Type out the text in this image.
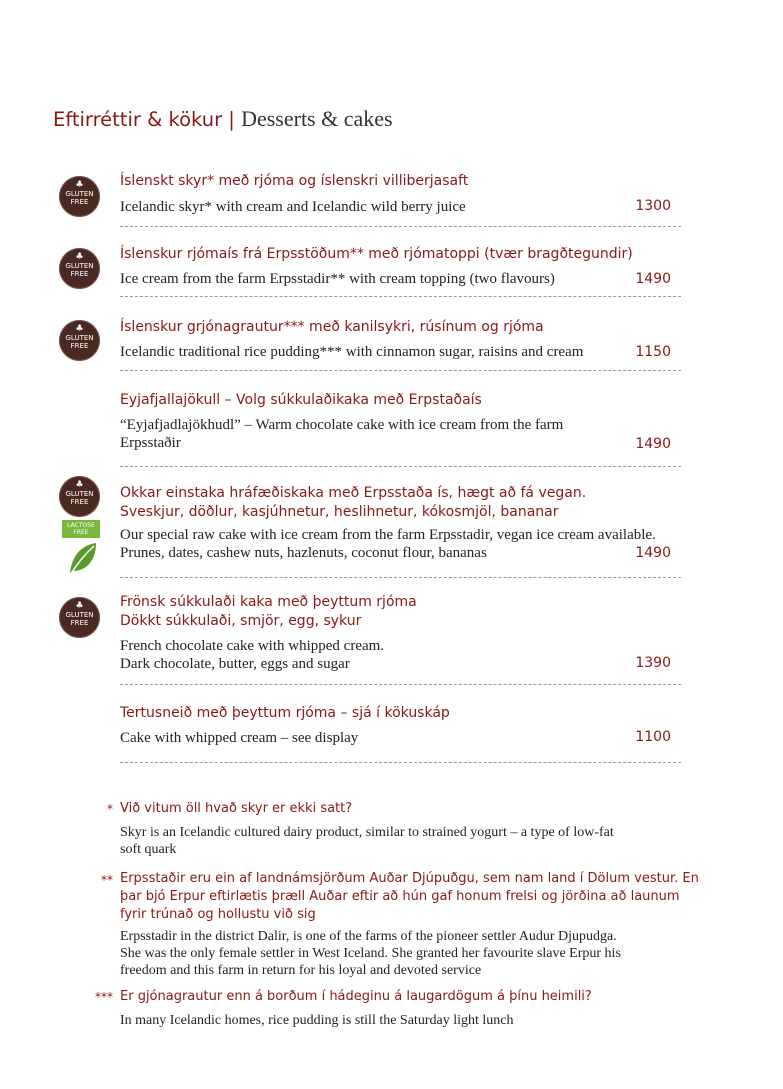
Eftirréttir & kökur | Desserts & cakes
♣
GLUTEN FREE
♣
GLUTEN FREE
♣
GLUTEN FREE
♣
GLUTEN FREE
LACTOSE FREE
♣
GLUTEN FREE
Íslenskt skyr* með rjóma og íslenskri villiberjasaft
Icelandic skyr* with cream and Icelandic wild berry juice	1300
Íslenskur rjómaís frá Erpsstöðum** með rjómatoppi (tvær bragðtegundir)
Ice cream from the farm Erpsstadir** with cream topping (two flavours)	1490
Íslenskur grjónagrautur*** með kanilsykri, rúsínum og rjóma
Icelandic traditional rice pudding*** with cinnamon sugar, raisins and cream	1150
Eyjafjallajökull – Volg súkkulaðikaka með Erpstaðaís
“Eyjafjadlajökhudl” – Warm chocolate cake with ice cream from the farm
Erpsstaðir	1490
Okkar einstaka hráfæðiskaka með Erpsstaða ís, hægt að fá vegan.
Sveskjur, döðlur, kasjúhnetur, heslihnetur, kókosmjöl, bananar
Our special raw cake with ice cream from the farm Erpsstadir, vegan ice cream available.
Prunes, dates, cashew nuts, hazlenuts, coconut flour, bananas	1490
Frönsk súkkulaði kaka með þeyttum rjóma
Dökkt súkkulaði, smjör, egg, sykur
French chocolate cake with whipped cream.
Dark chocolate, butter, eggs and sugar	1390
Tertusneið með þeyttum rjóma – sjá í kökuskáp
Cake with whipped cream – see display	1100
* Við vitum öll hvað skyr er ekki satt?
Skyr is an Icelandic cultured dairy product, similar to strained yogurt – a type of low-fat
soft quark
** Erpsstaðir eru ein af landnámsjörðum Auðar Djúpuðgu, sem nam land í Dölum vestur. En
þar bjó Erpur eftirlætis þræll Auðar eftir að hún gaf honum frelsi og jörðina að launum
fyrir trúnað og hollustu við sig
Erpsstadir in the district Dalir, is one of the farms of the pioneer settler Audur Djupudga.
She was the only female settler in West Iceland. She granted her favourite slave Erpur his
freedom and this farm in return for his loyal and devoted service
*** Er gjónagrautur enn á borðum í hádeginu á laugardögum á þínu heimili?
In many Icelandic homes, rice pudding is still the Saturday light lunch
